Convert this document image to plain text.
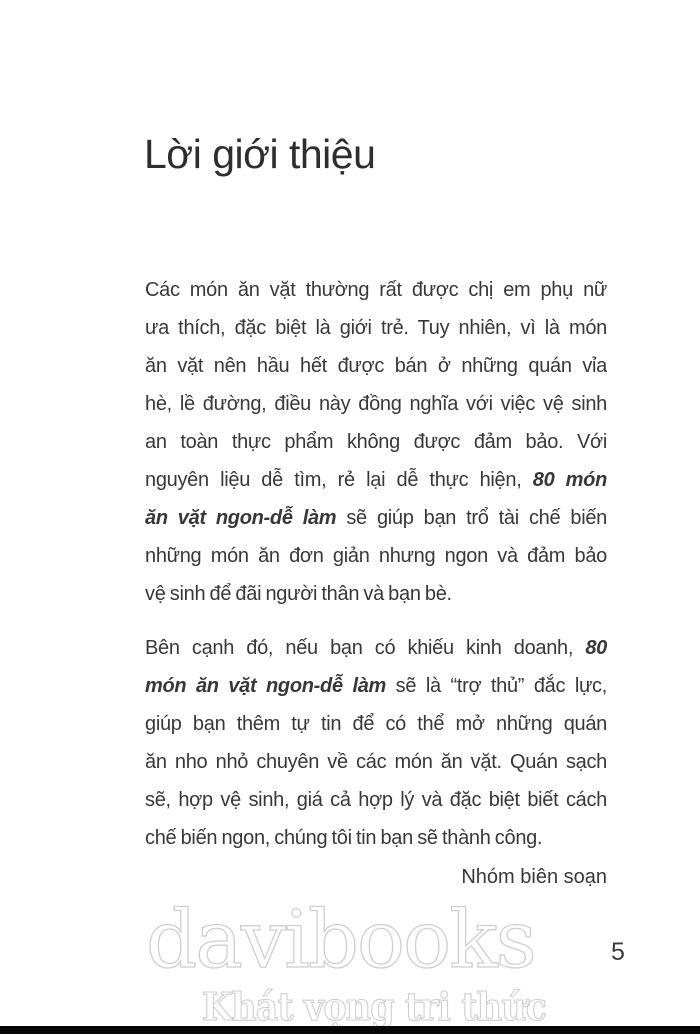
Lời giới thiệu
Các món ăn vặt thường rất được chị em phụ nữ
ưa thích, đặc biệt là giới trẻ. Tuy nhiên, vì là món
ăn vặt nên hầu hết được bán ở những quán vỉa
hè, lề đường, điều này đồng nghĩa với việc vệ sinh
an toàn thực phẩm không được đảm bảo. Với
nguyên liệu dễ tìm, rẻ lại dễ thực hiện, 80 món
ăn vặt ngon-dễ làm sẽ giúp bạn trổ tài chế biến
những món ăn đơn giản nhưng ngon và đảm bảo
vệ sinh để đãi người thân và bạn bè.
Bên cạnh đó, nếu bạn có khiếu kinh doanh, 80
món ăn vặt ngon-dễ làm sẽ là “trợ thủ” đắc lực,
giúp bạn thêm tự tin để có thể mở những quán
ăn nho nhỏ chuyên về các món ăn vặt. Quán sạch
sẽ, hợp vệ sinh, giá cả hợp lý và đặc biệt biết cách
chế biến ngon, chúng tôi tin bạn sẽ thành công.
Nhóm biên soạn
davibooks
Khát vọng tri thức
5
